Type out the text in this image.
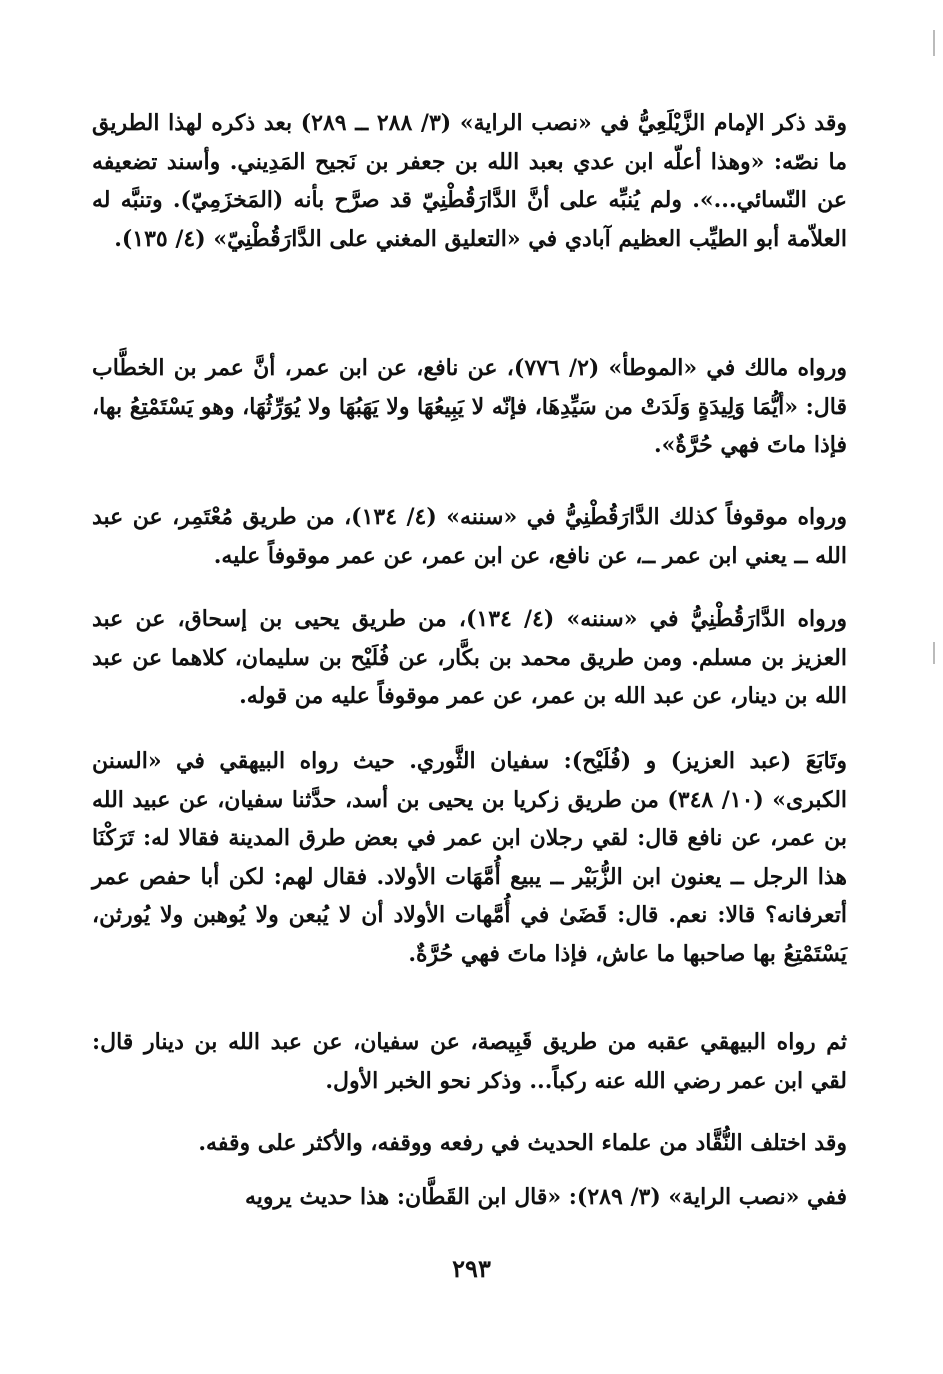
وقد ذكر الإمام الزَّيْلَعِيُّ في «نصب الراية» (٣/ ٢٨٨ ــ ٢٨٩) بعد ذكره لهذا الطريق ما نصّه: «وهذا أعلّه ابن عدي بعبد الله بن جعفر بن نَجيح المَدِيني. وأسند تضعيفه عن النّسائي...». ولم يُنبِّه على أنَّ الدَّارَقُطْنِيّ قد صرَّح بأنه (المَخزَمِيّ). وتنبَّه له العلاّمة أبو الطيِّب العظيم آبادي في «التعليق المغني على الدَّارَقُطْنِيّ» (٤/ ١٣٥).

ورواه مالك في «الموطأ» (٢/ ٧٧٦)، عن نافع، عن ابن عمر، أنَّ عمر بن الخطَّاب قال: «أيُّمَا وَلِيدَةٍ وَلَدَتْ من سَيِّدِهَا، فإنّه لا يَبِيعُهَا ولا يَهَبُهَا ولا يُوَرِّثُهَا، وهو يَسْتَمْتِعُ بها، فإذا ماتَ فهي حُرَّةٌ».

ورواه موقوفاً كذلك الدَّارَقُطْنِيُّ في «سننه» (٤/ ١٣٤)، من طريق مُعْتَمِر، عن عبد الله ــ يعني ابن عمر ــ، عن نافع، عن ابن عمر، عن عمر موقوفاً عليه.

ورواه الدَّارَقُطْنِيُّ في «سننه» (٤/ ١٣٤)، من طريق يحيى بن إسحاق، عن عبد العزيز بن مسلم. ومن طريق محمد بن بكَّار، عن فُلَيْح بن سليمان، كلاهما عن عبد الله بن دينار، عن عبد الله بن عمر، عن عمر موقوفاً عليه من قوله.

وتَابَعَ (عبد العزيز) و (فُلَيْح): سفيان الثَّوري. حيث رواه البيهقي في «السنن الكبرى» (١٠/ ٣٤٨) من طريق زكريا بن يحيى بن أسد، حدَّثنا سفيان، عن عبيد الله بن عمر، عن نافع قال: لقي رجلان ابن عمر في بعض طرق المدينة فقالا له: تَرَكْنَا هذا الرجل ــ يعنون ابن الزُّبَيْر ــ يبيع أُمَّهَات الأولاد. فقال لهم: لكن أبا حفص عمر أتعرفانه؟ قالا: نعم. قال: قَضَىٰ في أُمَّهات الأولاد أن لا يُبعن ولا يُوهبن ولا يُورثن، يَسْتَمْتِعُ بها صاحبها ما عاش، فإذا ماتَ فهي حُرَّةٌ.

ثم رواه البيهقي عقبه من طريق قَبِيصة، عن سفيان، عن عبد الله بن دينار قال: لقي ابن عمر رضي الله عنه ركباً... وذكر نحو الخبر الأول.

وقد اختلف النُّقَّاد من علماء الحديث في رفعه ووقفه، والأكثر على وقفه.

ففي «نصب الراية» (٣/ ٢٨٩): «قال ابن القَطَّان: هذا حديث يرويه

٢٩٣
